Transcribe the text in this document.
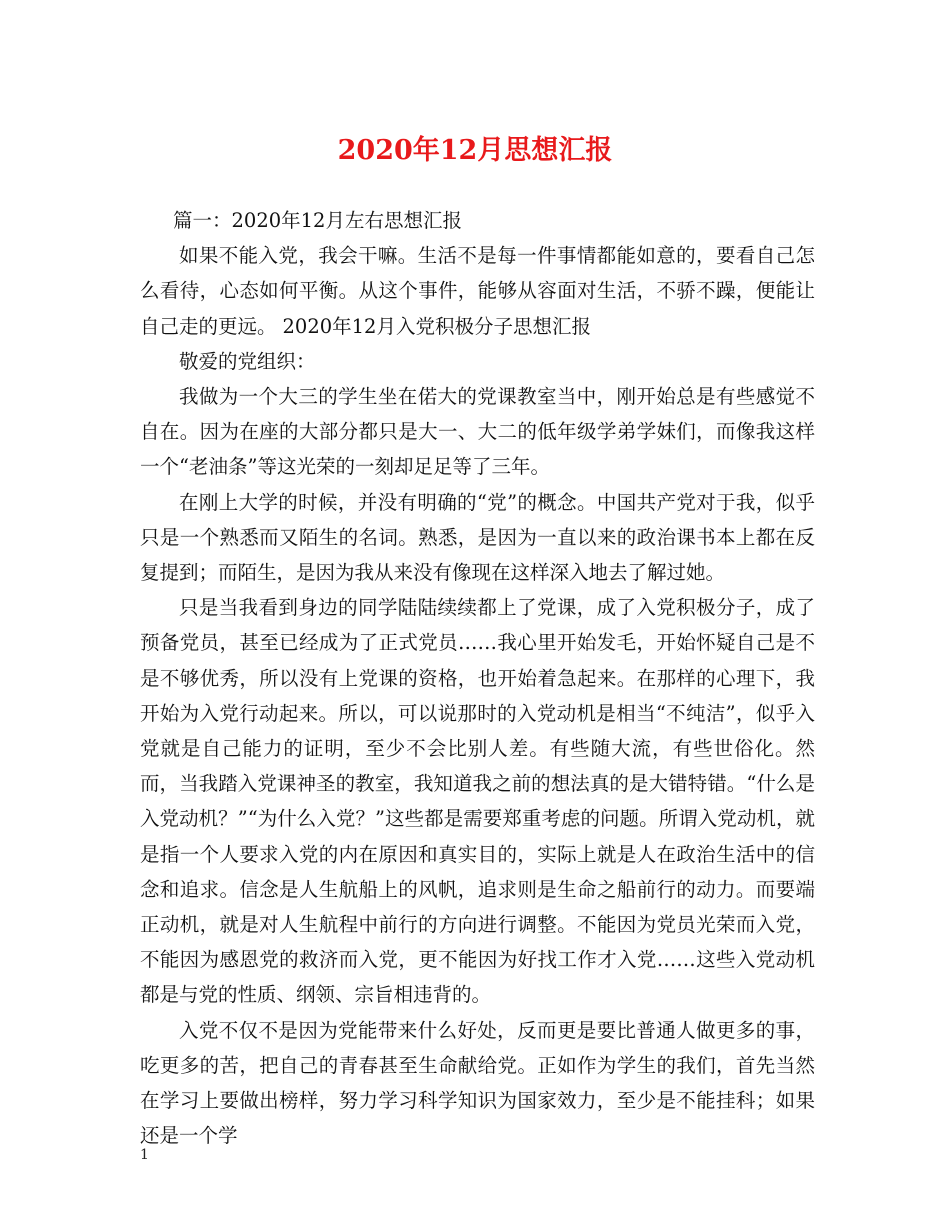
2020年12月思想汇报

篇一：2020年12月左右思想汇报

如果不能入党，我会干嘛。生活不是每一件事情都能如意的，要看自己怎么看待，心态如何平衡。从这个事件，能够从容面对生活，不骄不躁，便能让自己走的更远。 2020年12月入党积极分子思想汇报

敬爱的党组织：

我做为一个大三的学生坐在偌大的党课教室当中，刚开始总是有些感觉不自在。因为在座的大部分都只是大一、大二的低年级学弟学妹们，而像我这样一个“老油条”等这光荣的一刻却足足等了三年。

在刚上大学的时候，并没有明确的“党”的概念。中国共产党对于我，似乎只是一个熟悉而又陌生的名词。熟悉，是因为一直以来的政治课书本上都在反复提到；而陌生，是因为我从来没有像现在这样深入地去了解过她。

只是当我看到身边的同学陆陆续续都上了党课，成了入党积极分子，成了预备党员，甚至已经成为了正式党员……我心里开始发毛，开始怀疑自己是不是不够优秀，所以没有上党课的资格，也开始着急起来。在那样的心理下，我开始为入党行动起来。所以，可以说那时的入党动机是相当“不纯洁”，似乎入党就是自己能力的证明，至少不会比别人差。有些随大流，有些世俗化。然而，当我踏入党课神圣的教室，我知道我之前的想法真的是大错特错。“什么是入党动机？”“为什么入党？”这些都是需要郑重考虑的问题。所谓入党动机，就是指一个人要求入党的内在原因和真实目的，实际上就是人在政治生活中的信念和追求。信念是人生航船上的风帆，追求则是生命之船前行的动力。而要端正动机，就是对人生航程中前行的方向进行调整。不能因为党员光荣而入党，不能因为感恩党的救济而入党，更不能因为好找工作才入党……这些入党动机都是与党的性质、纲领、宗旨相违背的。

入党不仅不是因为党能带来什么好处，反而更是要比普通人做更多的事，吃更多的苦，把自己的青春甚至生命献给党。正如作为学生的我们，首先当然在学习上要做出榜样，努力学习科学知识为国家效力，至少是不能挂科；如果还是一个学

1
